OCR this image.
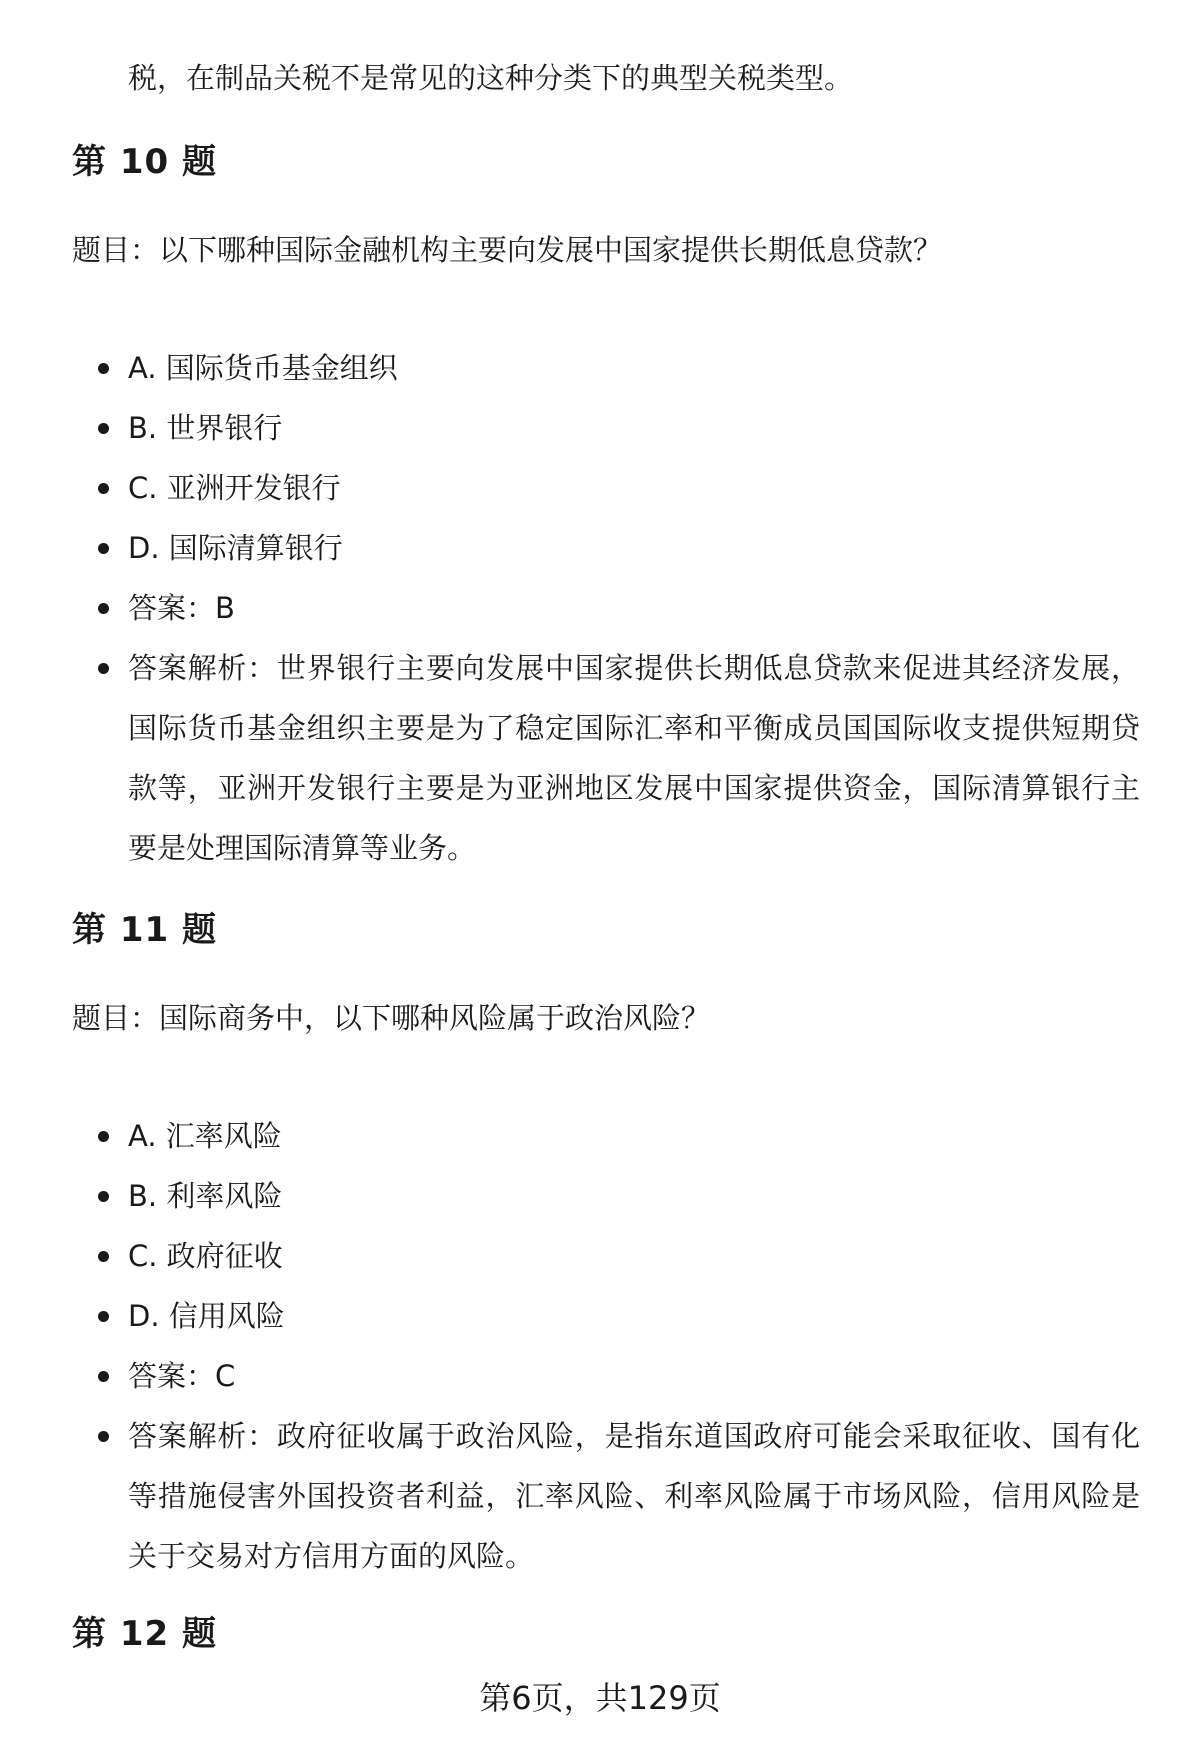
税，在制品关税不是常见的这种分类下的典型关税类型。

第 10 题

题目：以下哪种国际金融机构主要向发展中国家提供长期低息贷款？

A. 国际货币基金组织
B. 世界银行
C. 亚洲开发银行
D. 国际清算银行
答案：B
答案解析：世界银行主要向发展中国家提供长期低息贷款来促进其经济发展，国际货币基金组织主要是为了稳定国际汇率和平衡成员国国际收支提供短期贷款等，亚洲开发银行主要是为亚洲地区发展中国家提供资金，国际清算银行主要是处理国际清算等业务。
第 11 题

题目：国际商务中，以下哪种风险属于政治风险？

A. 汇率风险
B. 利率风险
C. 政府征收
D. 信用风险
答案：C
答案解析：政府征收属于政治风险，是指东道国政府可能会采取征收、国有化等措施侵害外国投资者利益，汇率风险、利率风险属于市场风险，信用风险是关于交易对方信用方面的风险。
第 12 题

第6页，共129页
